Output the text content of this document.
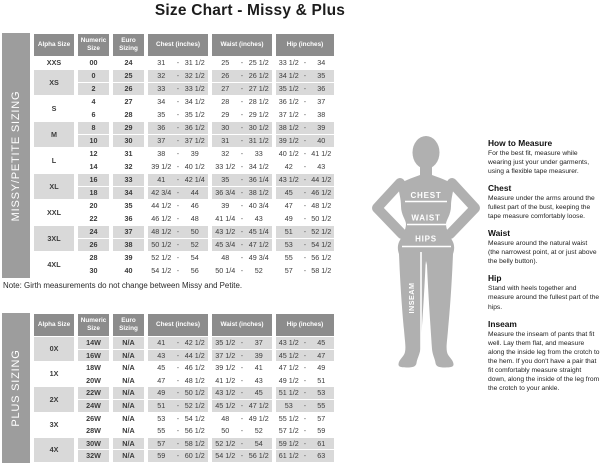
Size Chart - Missy & Plus
MISSY/PETITE SIZING
Alpha Size	Numeric Size	Euro Sizing	Chest (inches)	Waist (inches)	Hip (inches)
XXS	00	24	31 - 31 1/2	25 - 25 1/2	33 1/2 - 34
XS	0	25	32 - 32 1/2	26 - 26 1/2	34 1/2 - 35
	2	26	33 - 33 1/2	27 - 27 1/2	35 1/2 - 36
S	4	27	34 - 34 1/2	28 - 28 1/2	36 1/2 - 37
	6	28	35 - 35 1/2	29 - 29 1/2	37 1/2 - 38
M	8	29	36 - 36 1/2	30 - 30 1/2	38 1/2 - 39
	10	30	37 - 37 1/2	31 - 31 1/2	39 1/2 - 40
L	12	31	38 - 39	32 - 33	40 1/2 - 41 1/2
	14	32	39 1/2 - 40 1/2	33 1/2 - 34 1/2	42 - 43
XL	16	33	41 - 42 1/4	35 - 36 1/4	43 1/2 - 44 1/2
	18	34	42 3/4 - 44	36 3/4 - 38 1/2	45 - 46 1/2
XXL	20	35	44 1/2 - 46	39 - 40 3/4	47 - 48 1/2
	22	36	46 1/2 - 48	41 1/4 - 43	49 - 50 1/2
3XL	24	37	48 1/2 - 50	43 1/2 - 45 1/4	51 - 52 1/2
	26	38	50 1/2 - 52	45 3/4 - 47 1/2	53 - 54 1/2
4XL	28	39	52 1/2 - 54	48 - 49 3/4	55 - 56 1/2
	30	40	54 1/2 - 56	50 1/4 - 52	57 - 58 1/2
Note: Girth measurements do not change between Missy and Petite.
PLUS SIZING
Alpha Size	Numeric Size	Euro Sizing	Chest (inches)	Waist (inches)	Hip (inches)
0X	14W	N/A	41 - 42 1/2	35 1/2 - 37	43 1/2 - 45
	16W	N/A	43 - 44 1/2	37 1/2 - 39	45 1/2 - 47
1X	18W	N/A	45 - 46 1/2	39 1/2 - 41	47 1/2 - 49
	20W	N/A	47 - 48 1/2	41 1/2 - 43	49 1/2 - 51
2X	22W	N/A	49 - 50 1/2	43 1/2 - 45	51 1/2 - 53
	24W	N/A	51 - 52 1/2	45 1/2 - 47 1/2	53 - 55
3X	26W	N/A	53 - 54 1/2	48 - 49 1/2	55 1/2 - 57
	28W	N/A	55 - 56 1/2	50 - 52	57 1/2 - 59
4X	30W	N/A	57 - 58 1/2	52 1/2 - 54	59 1/2 - 61
	32W	N/A	59 - 60 1/2	54 1/2 - 56 1/2	61 1/2 - 63
CHEST
WAIST
HIPS
INSEAM
How to Measure
For the best fit, measure while wearing just your under garments, using a flexible tape measurer.
Chest
Measure under the arms around the fullest part of the bust, keeping the tape measure comfortably loose.
Waist
Measure around the natural waist (the narrowest point, at or just above the belly button).
Hip
Stand with heels together and measure around the fullest part of the hips.
Inseam
Measure the inseam of pants that fit well. Lay them flat, and measure along the inside leg from the crotch to the hem. If you don't have a pair that fit comfortably measure straight down, along the inside of the leg from the crotch to your ankle.
